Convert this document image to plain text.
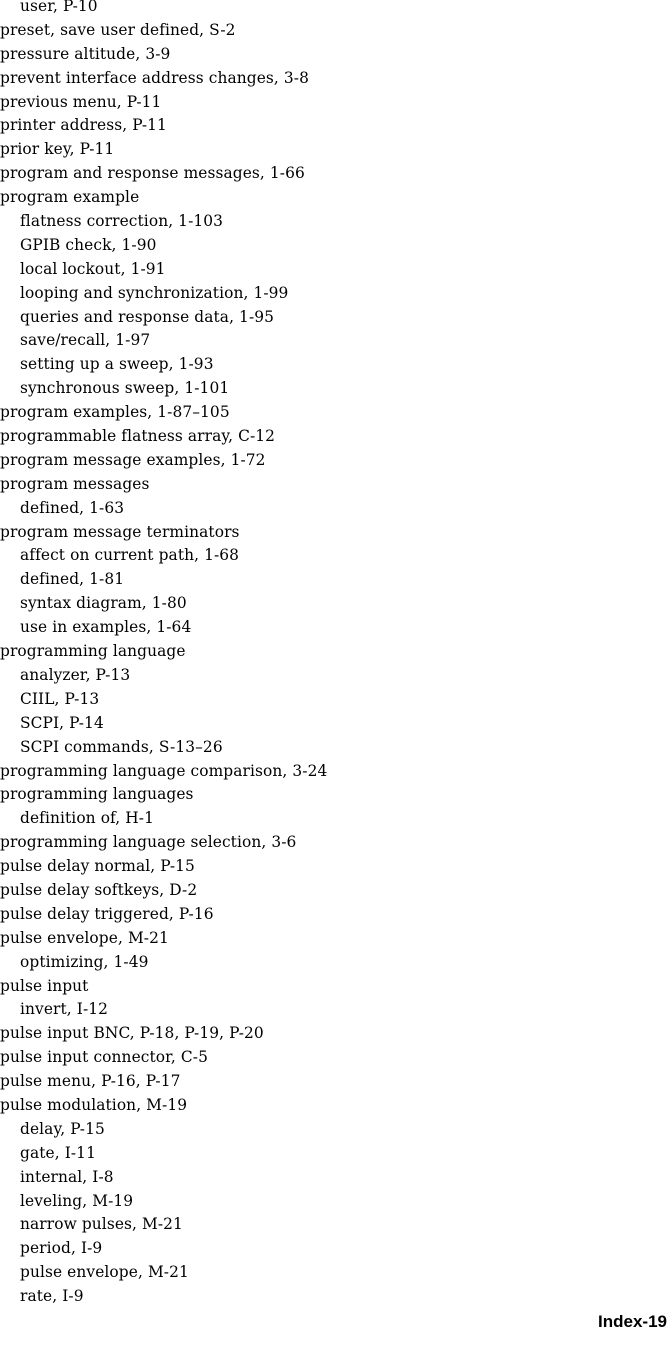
user, P-10
preset, save user defined, S-2
pressure altitude, 3-9
prevent interface address changes, 3-8
previous menu, P-11
printer address, P-11
prior key, P-11
program and response messages, 1-66
program example
flatness correction, 1-103
GPIB check, 1-90
local lockout, 1-91
looping and synchronization, 1-99
queries and response data, 1-95
save/recall, 1-97
setting up a sweep, 1-93
synchronous sweep, 1-101
program examples, 1-87–105
programmable flatness array, C-12
program message examples, 1-72
program messages
defined, 1-63
program message terminators
affect on current path, 1-68
defined, 1-81
syntax diagram, 1-80
use in examples, 1-64
programming language
analyzer, P-13
CIIL, P-13
SCPI, P-14
SCPI commands, S-13–26
programming language comparison, 3-24
programming languages
definition of, H-1
programming language selection, 3-6
pulse delay normal, P-15
pulse delay softkeys, D-2
pulse delay triggered, P-16
pulse envelope, M-21
optimizing, 1-49
pulse input
invert, I-12
pulse input BNC, P-18, P-19, P-20
pulse input connector, C-5
pulse menu, P-16, P-17
pulse modulation, M-19
delay, P-15
gate, I-11
internal, I-8
leveling, M-19
narrow pulses, M-21
period, I-9
pulse envelope, M-21
rate, I-9
Index-19
